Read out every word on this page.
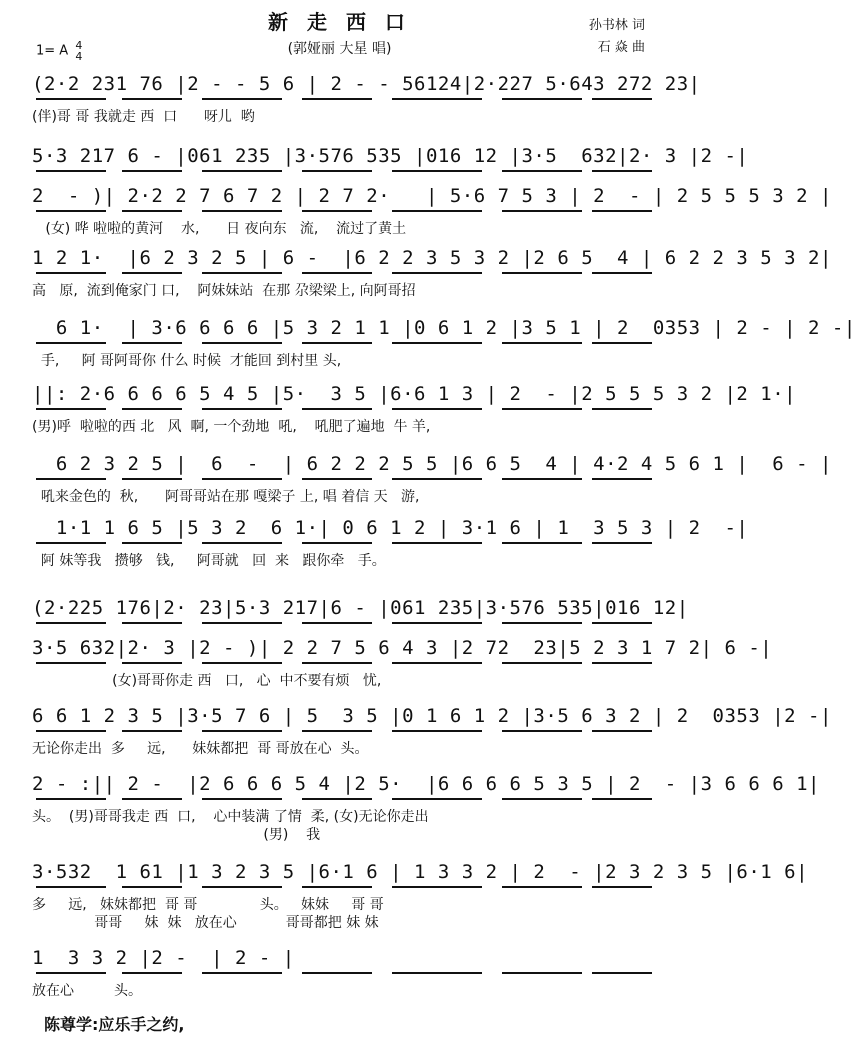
新 走 西 口
(郭娅丽 大星 唱)
1= A 4
4
孙书林 词
石 焱 曲
(2·2 231 76 |2 - - 5 6 | 2 - - 56124|2·227 5·643 272 23|
(伴)哥 哥 我就走 西  口      呀儿  哟
5·3 217 6 - |061 235 |3·576 535 |016 12 |3·5  632|2· 3 |2 -|
2  - )| 2·2 2 7 6 7 2 | 2 7 2·   | 5·6 7 5 3 | 2  - | 2 5 5 5 3 2 |
(女) 哗 啦啦的黄河    水,      日 夜向东   流,    流过了黄土
1 2 1·  |6 2 3 2 5 | 6 -  |6 2 2 3 5 3 2 |2 6 5  4 | 6 2 2 3 5 3 2|
高   原,  流到俺家门 口,    阿妹妹站  在那 尕梁梁上, 向阿哥招
6 1·  | 3·6 6 6 6 |5 3 2 1 1 |0 6 1 2 |3 5 1 | 2  0353 | 2 - | 2 -|
手,     阿 哥阿哥你 什么 时候  才能回 到村里 头,
||: 2·6 6 6 6 5 4 5 |5·  3 5 |6·6 1 3 | 2  - |2 5 5 5 3 2 |2 1·|
(男)呼  啦啦的西 北   风  啊, 一个劲地  吼,    吼肥了遍地  牛 羊,
6 2 3 2 5 |  6  -  | 6 2 2 2 5 5 |6 6 5  4 | 4·2 4 5 6 1 |  6 - |
吼来金色的  秋,      阿哥哥站在那 嘎梁子 上, 唱 着信 天   游,
1·1 1 6 5 |5 3 2  6 1·| 0 6 1 2 | 3·1 6 | 1  3 5 3 | 2  -|
阿 妹等我   攒够   钱,     阿哥就   回  来   跟你牵   手。
(2·225 176|2· 23|5·3 217|6 - |061 235|3·576 535|016 12|
3·5 632|2· 3 |2 - )| 2 2 7 5 6 4 3 |2 72  23|5 2 3 1 7 2| 6 -|
(女)哥哥你走 西   口,   心  中不要有烦   忧,
6 6 1 2 3 5 |3·5 7 6 | 5  3 5 |0 1 6 1 2 |3·5 6 3 2 | 2  0353 |2 -|
无论你走出  多     远,      妹妹都把  哥 哥放在心  头。
2 - :|| 2 -  |2 6 6 6 5 4 |2 5·  |6 6 6 6 5 3 5 | 2  - |3 6 6 6 1|
头。  (男)哥哥我走 西  口,    心中装满 了情  柔, (女)无论你走出
(男)    我
3·532  1 61 |1 3 2 3 5 |6·1 6 | 1 3 3 2 | 2  - |2 3 2 3 5 |6·1 6|
多     远,   妹妹都把  哥 哥              头。   妹妹     哥 哥
哥哥     妹  妹   放在心           哥哥都把 妹 妹
1  3 3 2 |2 -  | 2 - |
放在心         头。
陈尊学:应乐手之约,
